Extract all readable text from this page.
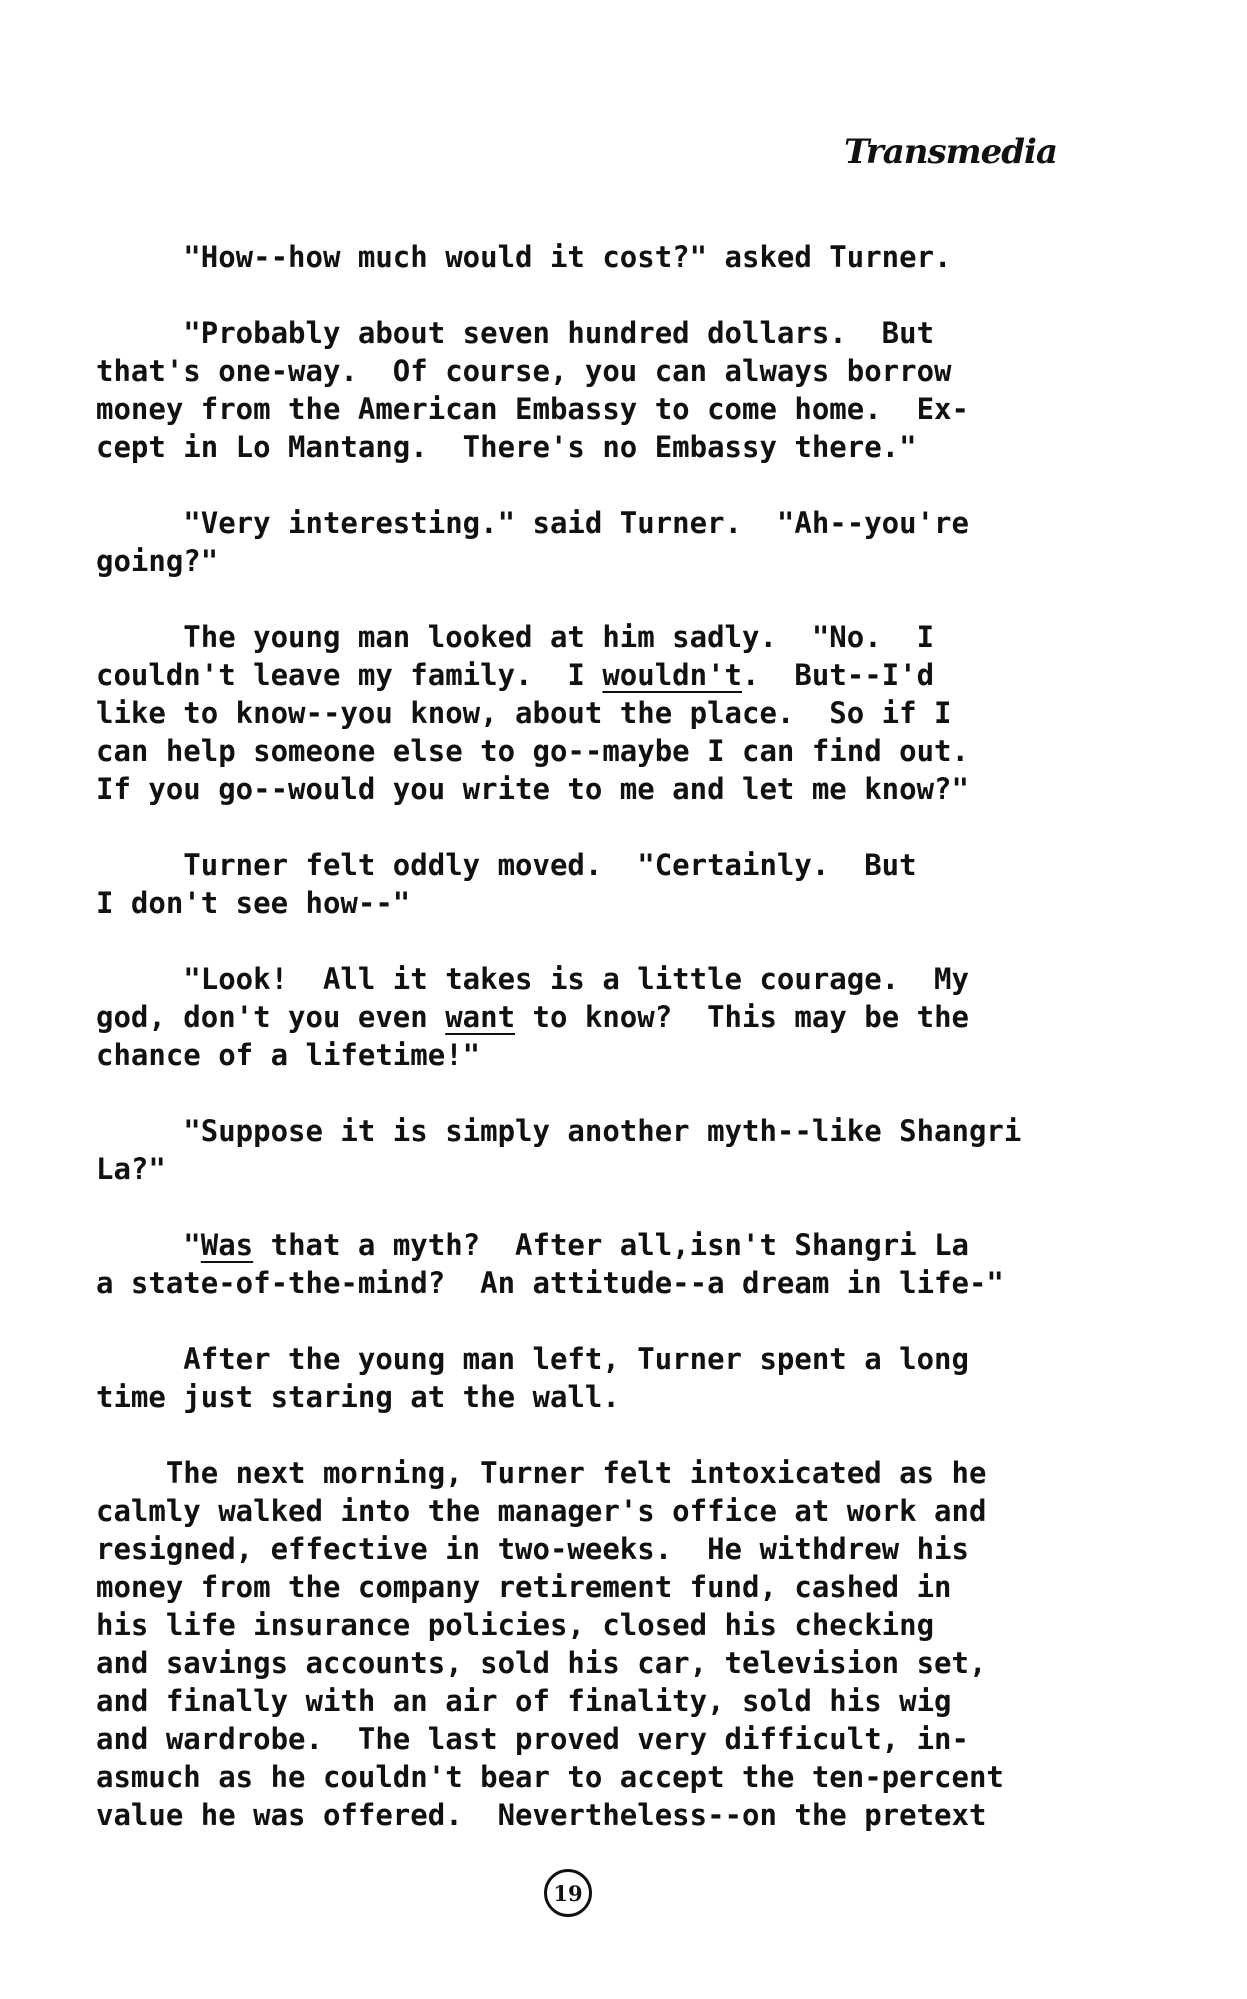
Transmedia

"How--how much would it cost?" asked Turner.

"Probably about seven hundred dollars.  But
that's one-way.  Of course, you can always borrow
money from the American Embassy to come home.  Ex-
cept in Lo Mantang.  There's no Embassy there."

"Very interesting." said Turner.  "Ah--you're
going?"

The young man looked at him sadly.  "No.  I
couldn't leave my family.  I wouldn't.  But--I'd
like to know--you know, about the place.  So if I
can help someone else to go--maybe I can find out.
If you go--would you write to me and let me know?"

Turner felt oddly moved.  "Certainly.  But
I don't see how--"

"Look!  All it takes is a little courage.  My
god, don't you even want to know?  This may be the
chance of a lifetime!"

"Suppose it is simply another myth--like Shangri
La?"

"Was that a myth?  After all,isn't Shangri La
a state-of-the-mind?  An attitude--a dream in life-"

After the young man left, Turner spent a long
time just staring at the wall.

The next morning, Turner felt intoxicated as he
calmly walked into the manager's office at work and
resigned, effective in two-weeks.  He withdrew his
money from the company retirement fund, cashed in
his life insurance policies, closed his checking
and savings accounts, sold his car, television set,
and finally with an air of finality, sold his wig
and wardrobe.  The last proved very difficult, in-
asmuch as he couldn't bear to accept the ten-percent
value he was offered.  Nevertheless--on the pretext

19
